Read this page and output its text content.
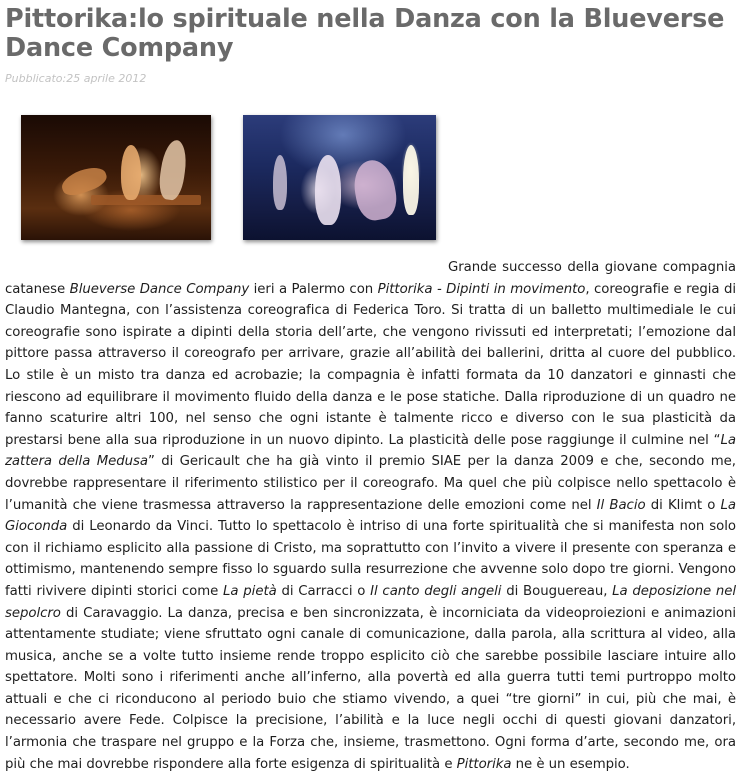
Pittorika:lo spirituale nella Danza con la Blueverse Dance Company
Pubblicato:25 aprile 2012

Grande successo della giovane compagnia catanese Blueverse Dance Company ieri a Palermo con Pittorika - Dipinti in movimento, coreografie e regia di Claudio Mantegna, con l’assistenza coreografica di Federica Toro. Si tratta di un balletto multimediale le cui coreografie sono ispirate a dipinti della storia dell’arte, che vengono rivissuti ed interpretati; l’emozione dal pittore passa attraverso il coreografo per arrivare, grazie all’abilità dei ballerini, dritta al cuore del pubblico. Lo stile è un misto tra danza ed acrobazie; la compagnia è infatti formata da 10 danzatori e ginnasti che riescono ad equilibrare il movimento fluido della danza e le pose statiche. Dalla riproduzione di un quadro ne fanno scaturire altri 100, nel senso che ogni istante è talmente ricco e diverso con le sua plasticità da prestarsi bene alla sua riproduzione in un nuovo dipinto. La plasticità delle pose raggiunge il culmine nel “La zattera della Medusa” di Gericault che ha già vinto il premio SIAE per la danza 2009 e che, secondo me, dovrebbe rappresentare il riferimento stilistico per il coreografo. Ma quel che più colpisce nello spettacolo è l’umanità che viene trasmessa attraverso la rappresentazione delle emozioni come nel Il Bacio di Klimt o La Gioconda di Leonardo da Vinci. Tutto lo spettacolo è intriso di una forte spiritualità che si manifesta non solo con il richiamo esplicito alla passione di Cristo, ma soprattutto con l’invito a vivere il presente con speranza e ottimismo, mantenendo sempre fisso lo sguardo sulla resurrezione che avvenne solo dopo tre giorni. Vengono fatti rivivere dipinti storici come La pietà di Carracci o Il canto degli angeli di Bouguereau, La deposizione nel sepolcro di Caravaggio. La danza, precisa e ben sincronizzata, è incorniciata da videoproiezioni e animazioni attentamente studiate; viene sfruttato ogni canale di comunicazione, dalla parola, alla scrittura al video, alla musica, anche se a volte tutto insieme rende troppo esplicito ciò che sarebbe possibile lasciare intuire allo spettatore. Molti sono i riferimenti anche all’inferno, alla povertà ed alla guerra tutti temi purtroppo molto attuali e che ci riconducono al periodo buio che stiamo vivendo, a quei “tre giorni” in cui, più che mai, è necessario avere Fede. Colpisce la precisione, l’abilità e la luce negli occhi di questi giovani danzatori, l’armonia che traspare nel gruppo e la Forza che, insieme, trasmettono. Ogni forma d’arte, secondo me, ora più che mai dovrebbe rispondere alla forte esigenza di spiritualità e Pittorika ne è un esempio.
